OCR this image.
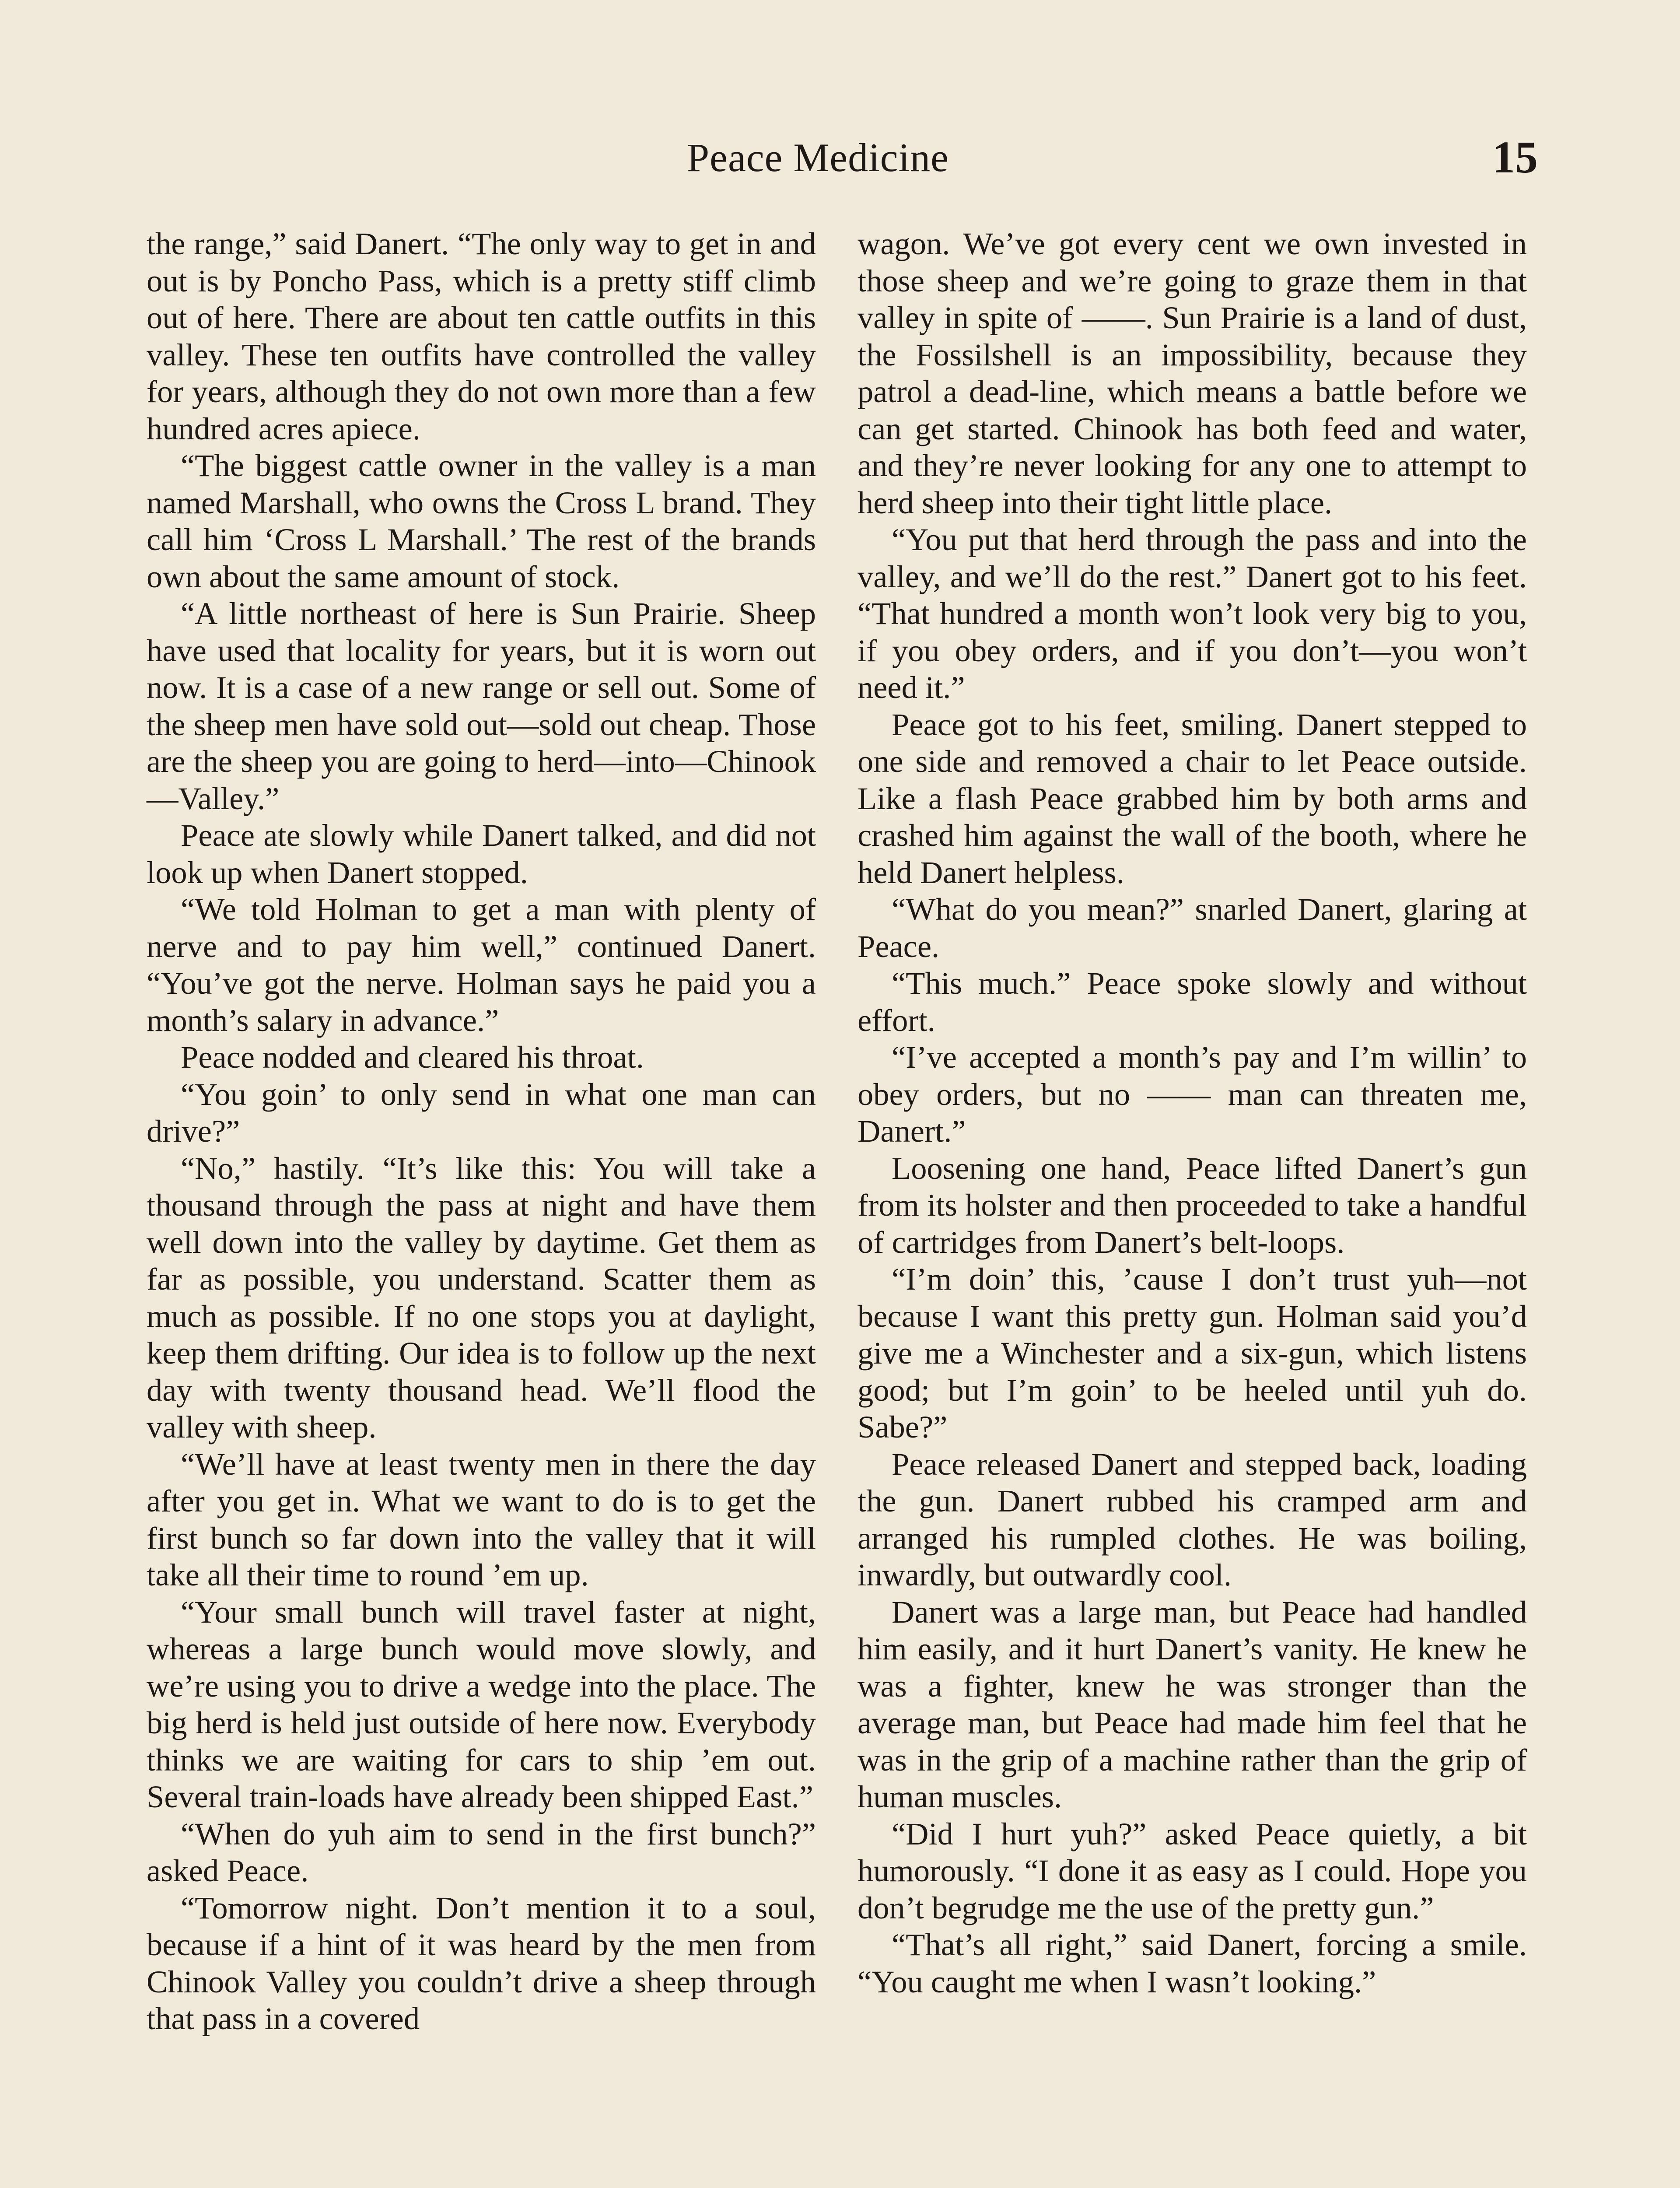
Peace Medicine	15

the range,” said Danert. “The only way to get in and out is by Poncho Pass, which is a pretty stiff climb out of here. There are about ten cattle outfits in this valley. These ten outfits have controlled the valley for years, although they do not own more than a few hundred acres apiece.

“The biggest cattle owner in the valley is a man named Marshall, who owns the Cross L brand. They call him ‘Cross L Marshall.’ The rest of the brands own about the same amount of stock.

“A little northeast of here is Sun Prairie. Sheep have used that locality for years, but it is worn out now. It is a case of a new range or sell out. Some of the sheep men have sold out—sold out cheap. Those are the sheep you are going to herd—into—Chinook—Valley.”

Peace ate slowly while Danert talked, and did not look up when Danert stopped.

“We told Holman to get a man with plenty of nerve and to pay him well,” continued Danert. “You’ve got the nerve. Holman says he paid you a month’s salary in advance.”

Peace nodded and cleared his throat.

“You goin’ to only send in what one man can drive?”

“No,” hastily. “It’s like this: You will take a thousand through the pass at night and have them well down into the valley by daytime. Get them as far as possible, you understand. Scatter them as much as possible. If no one stops you at daylight, keep them drifting. Our idea is to follow up the next day with twenty thousand head. We’ll flood the valley with sheep.

“We’ll have at least twenty men in there the day after you get in. What we want to do is to get the first bunch so far down into the valley that it will take all their time to round ’em up.

“Your small bunch will travel faster at night, whereas a large bunch would move slowly, and we’re using you to drive a wedge into the place. The big herd is held just outside of here now. Everybody thinks we are waiting for cars to ship ’em out. Several train-loads have already been shipped East.”

“When do yuh aim to send in the first bunch?” asked Peace.

“Tomorrow night. Don’t mention it to a soul, because if a hint of it was heard by the men from Chinook Valley you couldn’t drive a sheep through that pass in a covered

wagon. We’ve got every cent we own invested in those sheep and we’re going to graze them in that valley in spite of ——. Sun Prairie is a land of dust, the Fossilshell is an impossibility, because they patrol a dead-line, which means a battle before we can get started. Chinook has both feed and water, and they’re never looking for any one to attempt to herd sheep into their tight little place.

“You put that herd through the pass and into the valley, and we’ll do the rest.” Danert got to his feet. “That hundred a month won’t look very big to you, if you obey orders, and if you don’t—you won’t need it.”

Peace got to his feet, smiling. Danert stepped to one side and removed a chair to let Peace outside. Like a flash Peace grabbed him by both arms and crashed him against the wall of the booth, where he held Danert helpless.

“What do you mean?” snarled Danert, glaring at Peace.

“This much.” Peace spoke slowly and without effort.

“I’ve accepted a month’s pay and I’m willin’ to obey orders, but no —— man can threaten me, Danert.”

Loosening one hand, Peace lifted Danert’s gun from its holster and then proceeded to take a handful of cartridges from Danert’s belt-loops.

“I’m doin’ this, ’cause I don’t trust yuh—not because I want this pretty gun. Holman said you’d give me a Winchester and a six-gun, which listens good; but I’m goin’ to be heeled until yuh do. Sabe?”

Peace released Danert and stepped back, loading the gun. Danert rubbed his cramped arm and arranged his rumpled clothes. He was boiling, inwardly, but outwardly cool.

Danert was a large man, but Peace had handled him easily, and it hurt Danert’s vanity. He knew he was a fighter, knew he was stronger than the average man, but Peace had made him feel that he was in the grip of a machine rather than the grip of human muscles.

“Did I hurt yuh?” asked Peace quietly, a bit humorously. “I done it as easy as I could. Hope you don’t begrudge me the use of the pretty gun.”

“That’s all right,” said Danert, forcing a smile. “You caught me when I wasn’t looking.”
